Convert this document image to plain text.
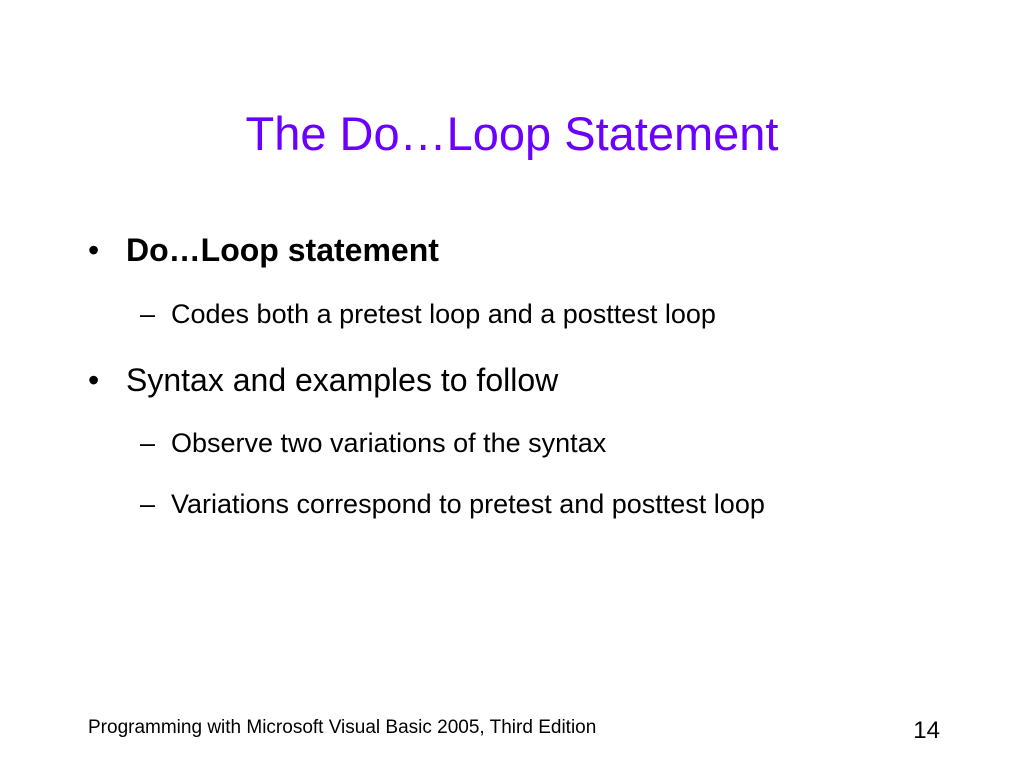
The Do…Loop Statement
• Do…Loop statement
– Codes both a pretest loop and a posttest loop
• Syntax and examples to follow
– Observe two variations of the syntax
– Variations correspond to pretest and posttest loop
Programming with Microsoft Visual Basic 2005, Third Edition	14
